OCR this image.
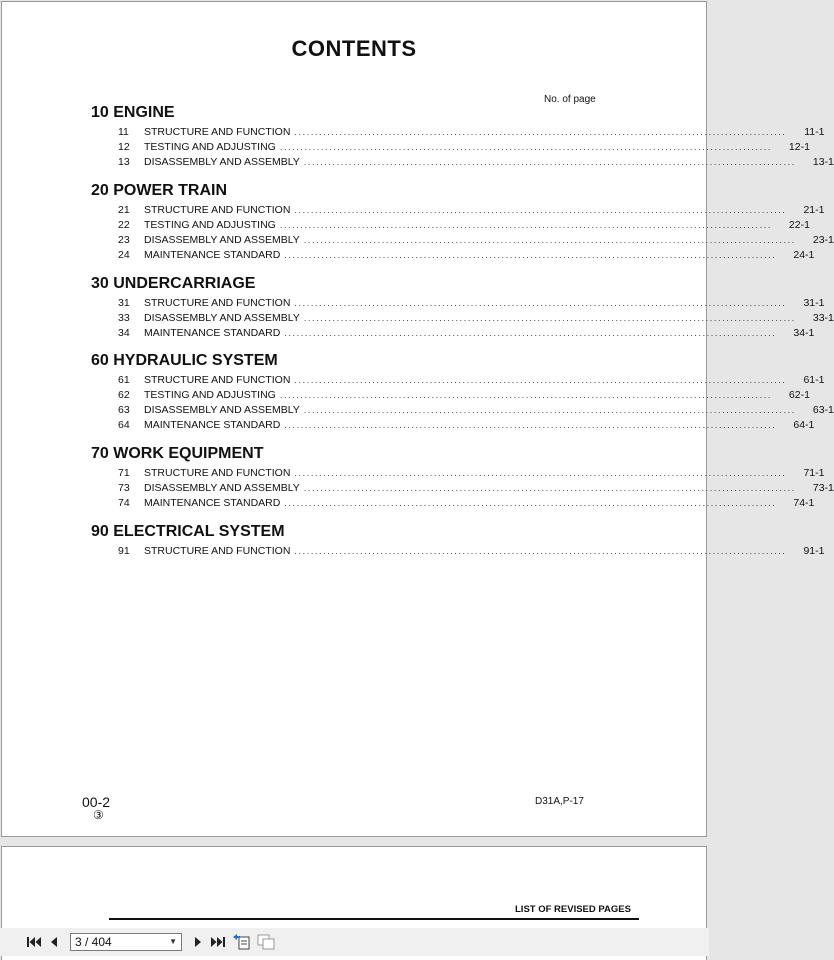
CONTENTS
No. of page
10 ENGINE
11	STRUCTURE AND FUNCTION ........................................................................................................................	11-1
12	TESTING AND ADJUSTING ........................................................................................................................	12-1
13	DISASSEMBLY AND ASSEMBLY ........................................................................................................................	13-1
20 POWER TRAIN
21	STRUCTURE AND FUNCTION ........................................................................................................................	21-1
22	TESTING AND ADJUSTING ........................................................................................................................	22-1
23	DISASSEMBLY AND ASSEMBLY ........................................................................................................................	23-1
24	MAINTENANCE STANDARD ........................................................................................................................	24-1
30 UNDERCARRIAGE
31	STRUCTURE AND FUNCTION ........................................................................................................................	31-1
33	DISASSEMBLY AND ASSEMBLY ........................................................................................................................	33-1
34	MAINTENANCE STANDARD ........................................................................................................................	34-1
60 HYDRAULIC SYSTEM
61	STRUCTURE AND FUNCTION ........................................................................................................................	61-1
62	TESTING AND ADJUSTING ........................................................................................................................	62-1
63	DISASSEMBLY AND ASSEMBLY ........................................................................................................................	63-1
64	MAINTENANCE STANDARD ........................................................................................................................	64-1
70 WORK EQUIPMENT
71	STRUCTURE AND FUNCTION ........................................................................................................................	71-1
73	DISASSEMBLY AND ASSEMBLY ........................................................................................................................	73-1
74	MAINTENANCE STANDARD ........................................................................................................................	74-1
90 ELECTRICAL SYSTEM
91	STRUCTURE AND FUNCTION ........................................................................................................................	91-1
00-2
③
D31A,P-17
LIST OF REVISED PAGES
3 / 404	▼
